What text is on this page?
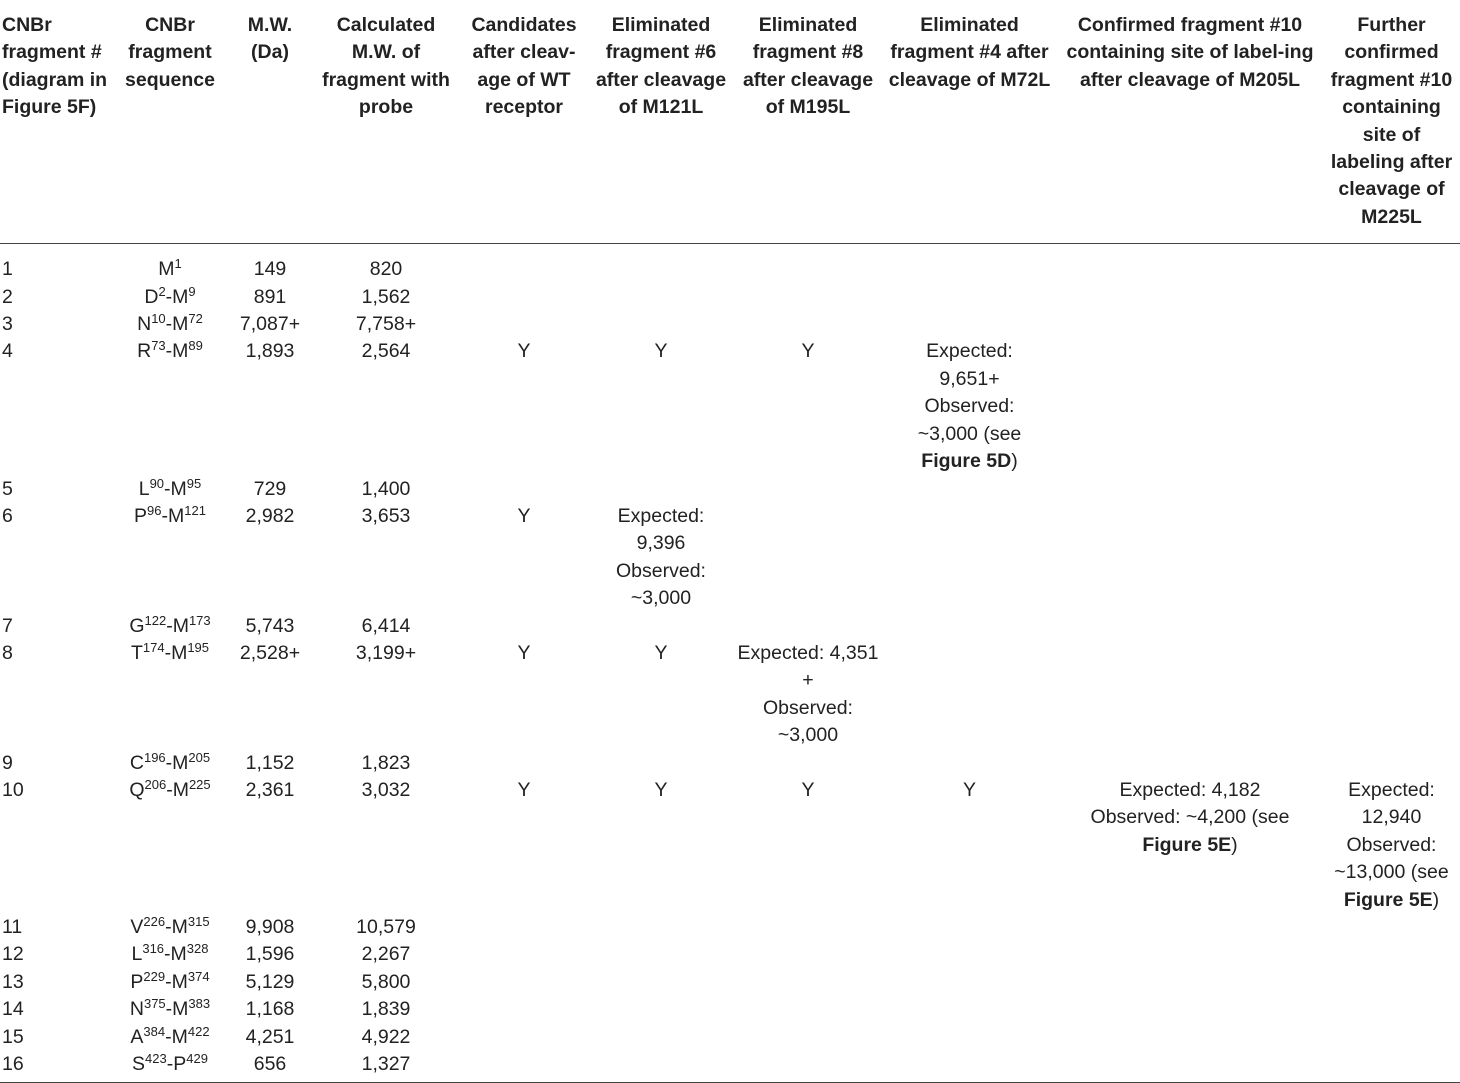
CNBr fragment # (diagram in Figure 5F)	CNBr fragment sequence	M.W. (Da)	Calculated M.W. of fragment with probe	Candidates after cleav-age of WT receptor	Eliminated fragment #6 after cleavage of M121L	Eliminated fragment #8 after cleavage of M195L	Eliminated fragment #4 after cleavage of M72L	Confirmed fragment #10 containing site of label-ing after cleavage of M205L	Further confirmed fragment #10 containing site of labeling after cleavage of M225L
1	$M^1$	149	820						
2	$D^2-M^9$	891	1,562						
3	$N^{10}-M^{72}$	7,087+	7,758+						
4	$R^{73}-M^{89}$	1,893	2,564	Y	Y	Y	Expected:
9,651+
Observed:
~3,000 (see
Figure 5D)		
5	$L^{90}-M^{95}$	729	1,400						
6	$P^{96}-M^{121}$	2,982	3,653	Y	Expected:
9,396
Observed:
~3,000				
7	$G^{122}-M^{173}$	5,743	6,414						
8	$T^{174}-M^{195}$	2,528+	3,199+	Y	Y	Expected: 4,351
+
Observed:
~3,000			
9	$C^{196}-M^{205}$	1,152	1,823						
10	$Q^{206}-M^{225}$	2,361	3,032	Y	Y	Y	Y	Expected: 4,182
Observed: ~4,200 (see
Figure 5E)	Expected:
12,940
Observed:
~13,000 (see
Figure 5E)
11	$V^{226}-M^{315}$	9,908	10,579						
12	$L^{316}-M^{328}$	1,596	2,267						
13	$P^{229}-M^{374}$	5,129	5,800						
14	$N^{375}-M^{383}$	1,168	1,839						
15	$A^{384}-M^{422}$	4,251	4,922						
16	$S^{423}-P^{429}$	656	1,327						
